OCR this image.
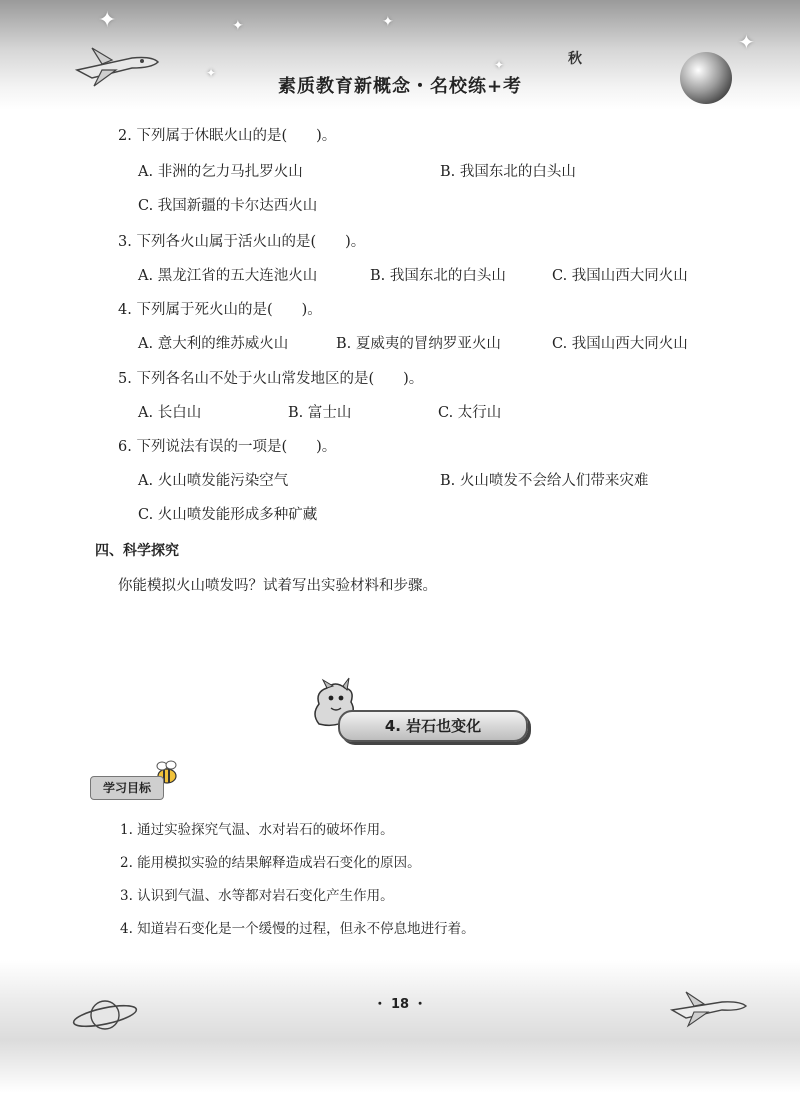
✦	✦	✦
✦
✦
✦
秋
素质教育新概念・名校练+考
2. 下列属于休眠火山的是(　　)。
A. 非洲的乞力马扎罗火山	B. 我国东北的白头山
C. 我国新疆的卡尔达西火山
3. 下列各火山属于活火山的是(　　)。
A. 黑龙江省的五大连池火山	B. 我国东北的白头山	C. 我国山西大同火山
4. 下列属于死火山的是(　　)。
A. 意大利的维苏威火山	B. 夏威夷的冒纳罗亚火山	C. 我国山西大同火山
5. 下列各名山不处于火山常发地区的是(　　)。
A. 长白山	B. 富士山	C. 太行山
6. 下列说法有误的一项是(　　)。
A. 火山喷发能污染空气	B. 火山喷发不会给人们带来灾难
C. 火山喷发能形成多种矿藏
四、科学探究
你能模拟火山喷发吗？试着写出实验材料和步骤。
4. 岩石也变化
学习目标
1. 通过实验探究气温、水对岩石的破坏作用。
2. 能用模拟实验的结果解释造成岩石变化的原因。
3. 认识到气温、水等都对岩石变化产生作用。
4. 知道岩石变化是一个缓慢的过程，但永不停息地进行着。
・ 18 ・
